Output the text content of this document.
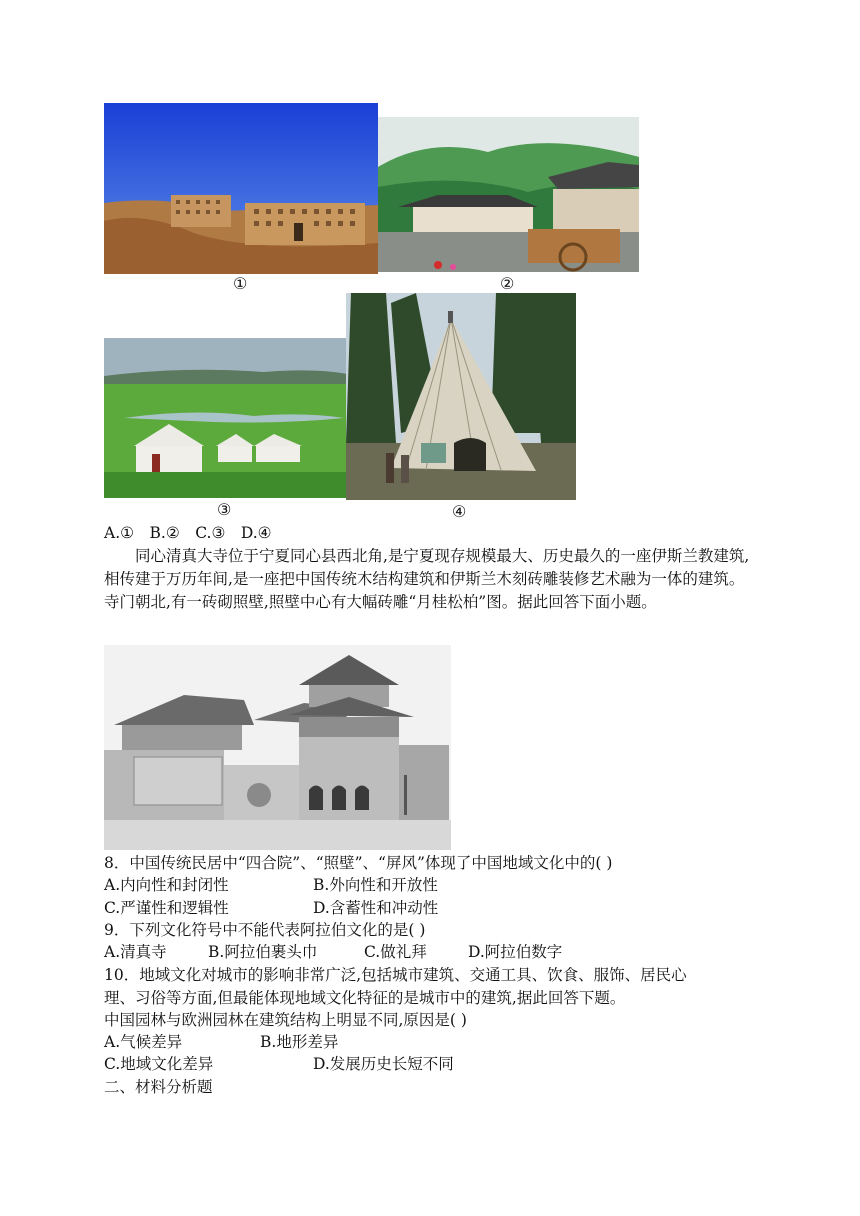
①	②
③	④
A.①　B.②　C.③　D.④
同心清真大寺位于宁夏同心县西北角,是宁夏现存规模最大、历史最久的一座伊斯兰教建筑,相传建于万历年间,是一座把中国传统木结构建筑和伊斯兰木刻砖雕装修艺术融为一体的建筑。寺门朝北,有一砖砌照壁,照壁中心有大幅砖雕“月桂松柏”图。据此回答下面小题。
8．中国传统民居中“四合院”、“照壁”、“屏风”体现了中国地域文化中的( )
A.内向性和封闭性	B.外向性和开放性
C.严谨性和逻辑性	D.含蓄性和冲动性
9．下列文化符号中不能代表阿拉伯文化的是( )
A.清真寺	B.阿拉伯裹头巾	C.做礼拜	D.阿拉伯数字
10．地域文化对城市的影响非常广泛,包括城市建筑、交通工具、饮食、服饰、居民心
理、习俗等方面,但最能体现地域文化特征的是城市中的建筑,据此回答下题。
中国园林与欧洲园林在建筑结构上明显不同,原因是( )
A.气候差异	B.地形差异
C.地域文化差异	D.发展历史长短不同
二、材料分析题
